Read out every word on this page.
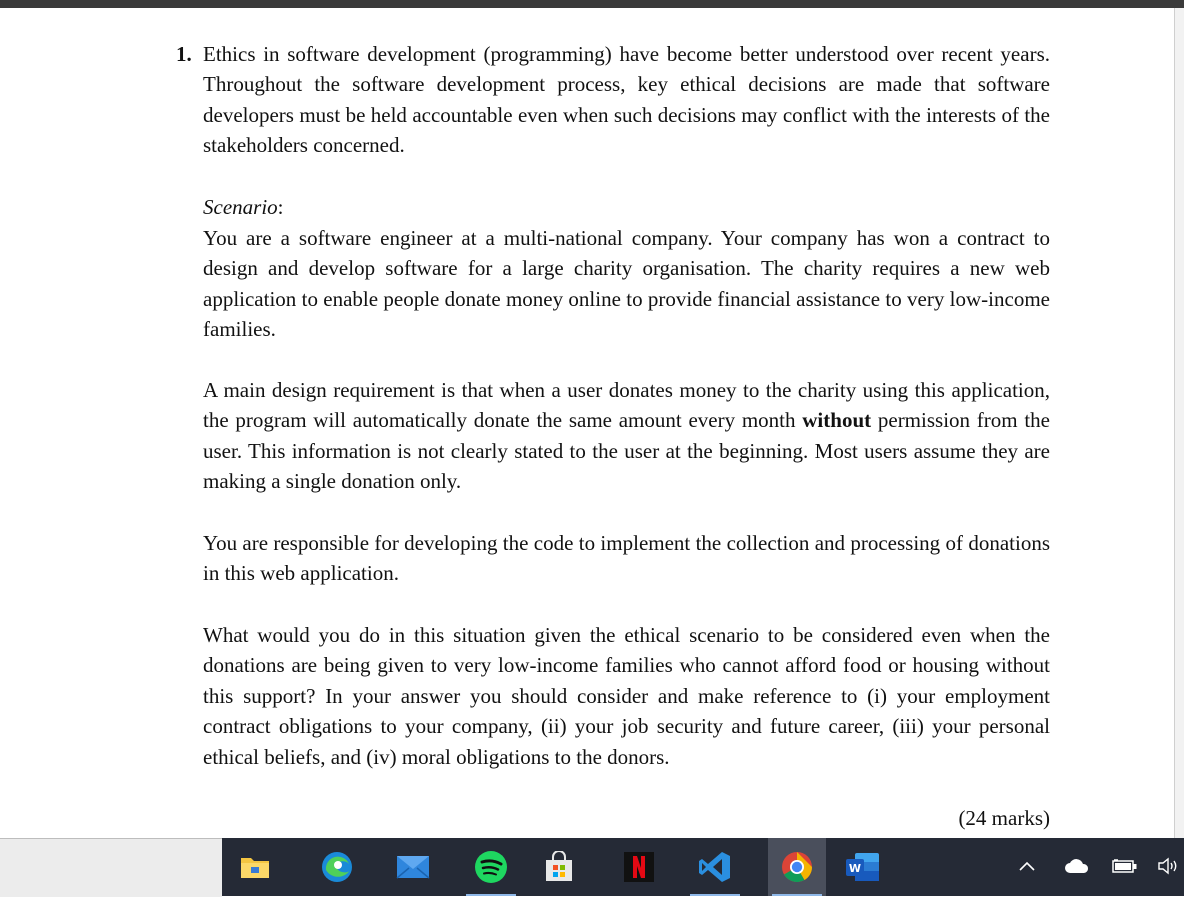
1. Ethics in software development (programming) have become better understood over recent years. Throughout the software development process, key ethical decisions are made that software developers must be held accountable even when such decisions may conflict with the interests of the stakeholders concerned.

Scenario:

You are a software engineer at a multi-national company. Your company has won a contract to design and develop software for a large charity organisation. The charity requires a new web application to enable people donate money online to provide financial assistance to very low-income families.

A main design requirement is that when a user donates money to the charity using this application, the program will automatically donate the same amount every month without permission from the user. This information is not clearly stated to the user at the beginning. Most users assume they are making a single donation only.

You are responsible for developing the code to implement the collection and processing of donations in this web application.

What would you do in this situation given the ethical scenario to be considered even when the donations are being given to very low-income families who cannot afford food or housing without this support? In your answer you should consider and make reference to (i) your employment contract obligations to your company, (ii) your job security and future career, (iii) your personal ethical beliefs, and (iv) moral obligations to the donors.

(24 marks)
W
